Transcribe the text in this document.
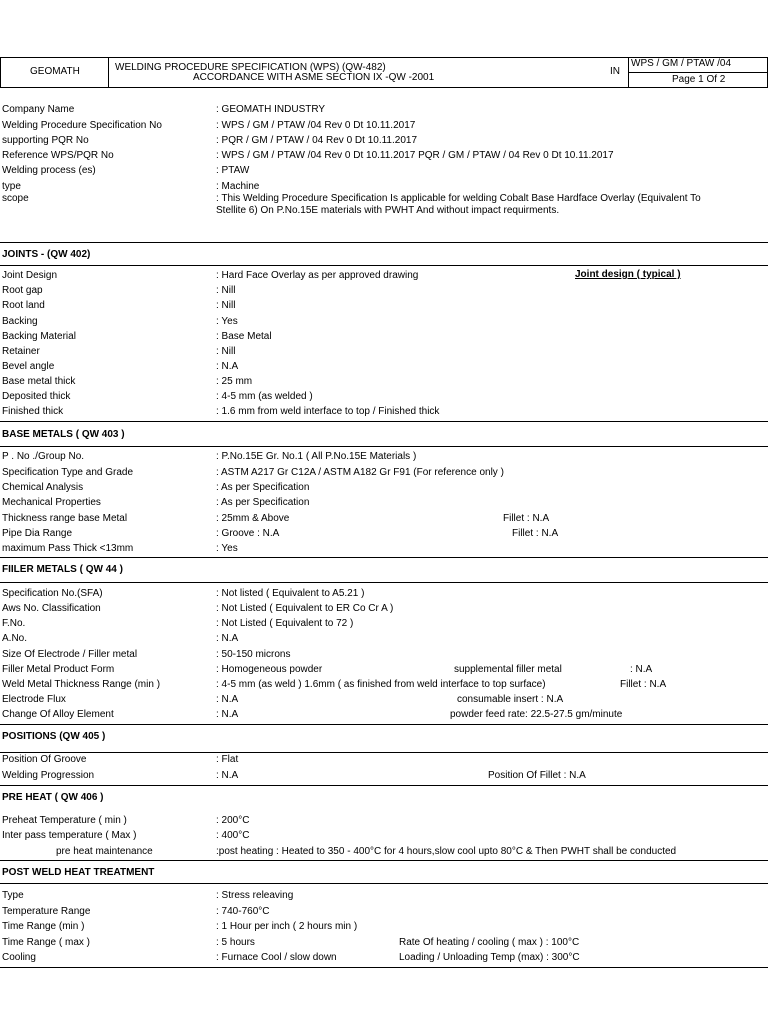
GEOMATH	WELDING PROCEDURE SPECIFICATION (WPS) (QW-482)
ACCORDANCE WITH ASME SECTION IX -QW -2001
IN
WPS / GM / PTAW /04
Page 1 Of 2
Company Name	: GEOMATH INDUSTRY
Welding Procedure Specification No	: WPS / GM / PTAW /04 Rev 0 Dt 10.11.2017
supporting PQR No	: PQR / GM / PTAW / 04 Rev 0 Dt 10.11.2017
Reference WPS/PQR No	: WPS / GM / PTAW /04 Rev 0 Dt 10.11.2017 PQR / GM / PTAW / 04 Rev 0 Dt 10.11.2017
Welding process (es)	: PTAW
type	: Machine
scope	: This Welding Procedure Specification Is applicable for welding Cobalt Base Hardface Overlay (Equivalent To
Stellite 6) On P.No.15E materials with PWHT And without impact requirments.
JOINTS - (QW 402)
Joint design ( typical )
Joint Design	: Hard Face Overlay as per approved drawing
Root gap	: Nill
Root land	: Nill
Backing	: Yes
Backing Material	: Base Metal
Retainer	: Nill
Bevel angle	: N.A
Base metal thick	: 25 mm
Deposited thick	: 4-5 mm (as welded )
Finished thick	: 1.6 mm from weld interface to top / Finished thick
BASE METALS ( QW 403 )
P . No ./Group No.	: P.No.15E Gr. No.1 ( All P.No.15E Materials )
Specification Type and Grade	: ASTM A217 Gr C12A / ASTM A182 Gr F91 (For reference only )
Chemical Analysis	: As per Specification
Mechanical Properties	: As per Specification
Thickness range base Metal	: 25mm & Above	Fillet : N.A
Pipe Dia Range	: Groove : N.A	Fillet : N.A
maximum Pass Thick <13mm	: Yes
FIILER METALS ( QW 44 )
Specification No.(SFA)	: Not listed ( Equivalent to A5.21 )
Aws No. Classification	: Not Listed ( Equivalent to ER Co Cr A )
F.No.	: Not Listed ( Equivalent to 72 )
A.No.	: N.A
Size Of Electrode / Filler metal	: 50-150 microns
Filler Metal Product Form	: Homogeneous powder	supplemental filler metal	: N.A
Weld Metal Thickness Range (min )	: 4-5 mm (as weld ) 1.6mm ( as finished from weld interface to top surface)	Fillet : N.A
Electrode Flux	: N.A	consumable insert : N.A
Change Of Alloy Element	: N.A	powder feed rate: 22.5-27.5 gm/minute
POSITIONS (QW 405 )
Position Of Groove	: Flat
Welding Progression	: N.A	Position Of Fillet : N.A
PRE HEAT ( QW 406 )
Preheat Temperature ( min )	: 200°C
Inter pass temperature ( Max )	: 400°C
pre heat maintenance	:post heating : Heated to 350 - 400°C for 4 hours,slow cool upto 80°C & Then PWHT shall be conducted
POST WELD HEAT TREATMENT
Type	: Stress releaving
Temperature Range	: 740-760°C
Time Range (min )	: 1 Hour per inch ( 2 hours min )
Time Range ( max )	: 5 hours	Rate Of heating / cooling ( max ) : 100°C
Cooling	: Furnace Cool / slow down	Loading / Unloading Temp (max) : 300°C
